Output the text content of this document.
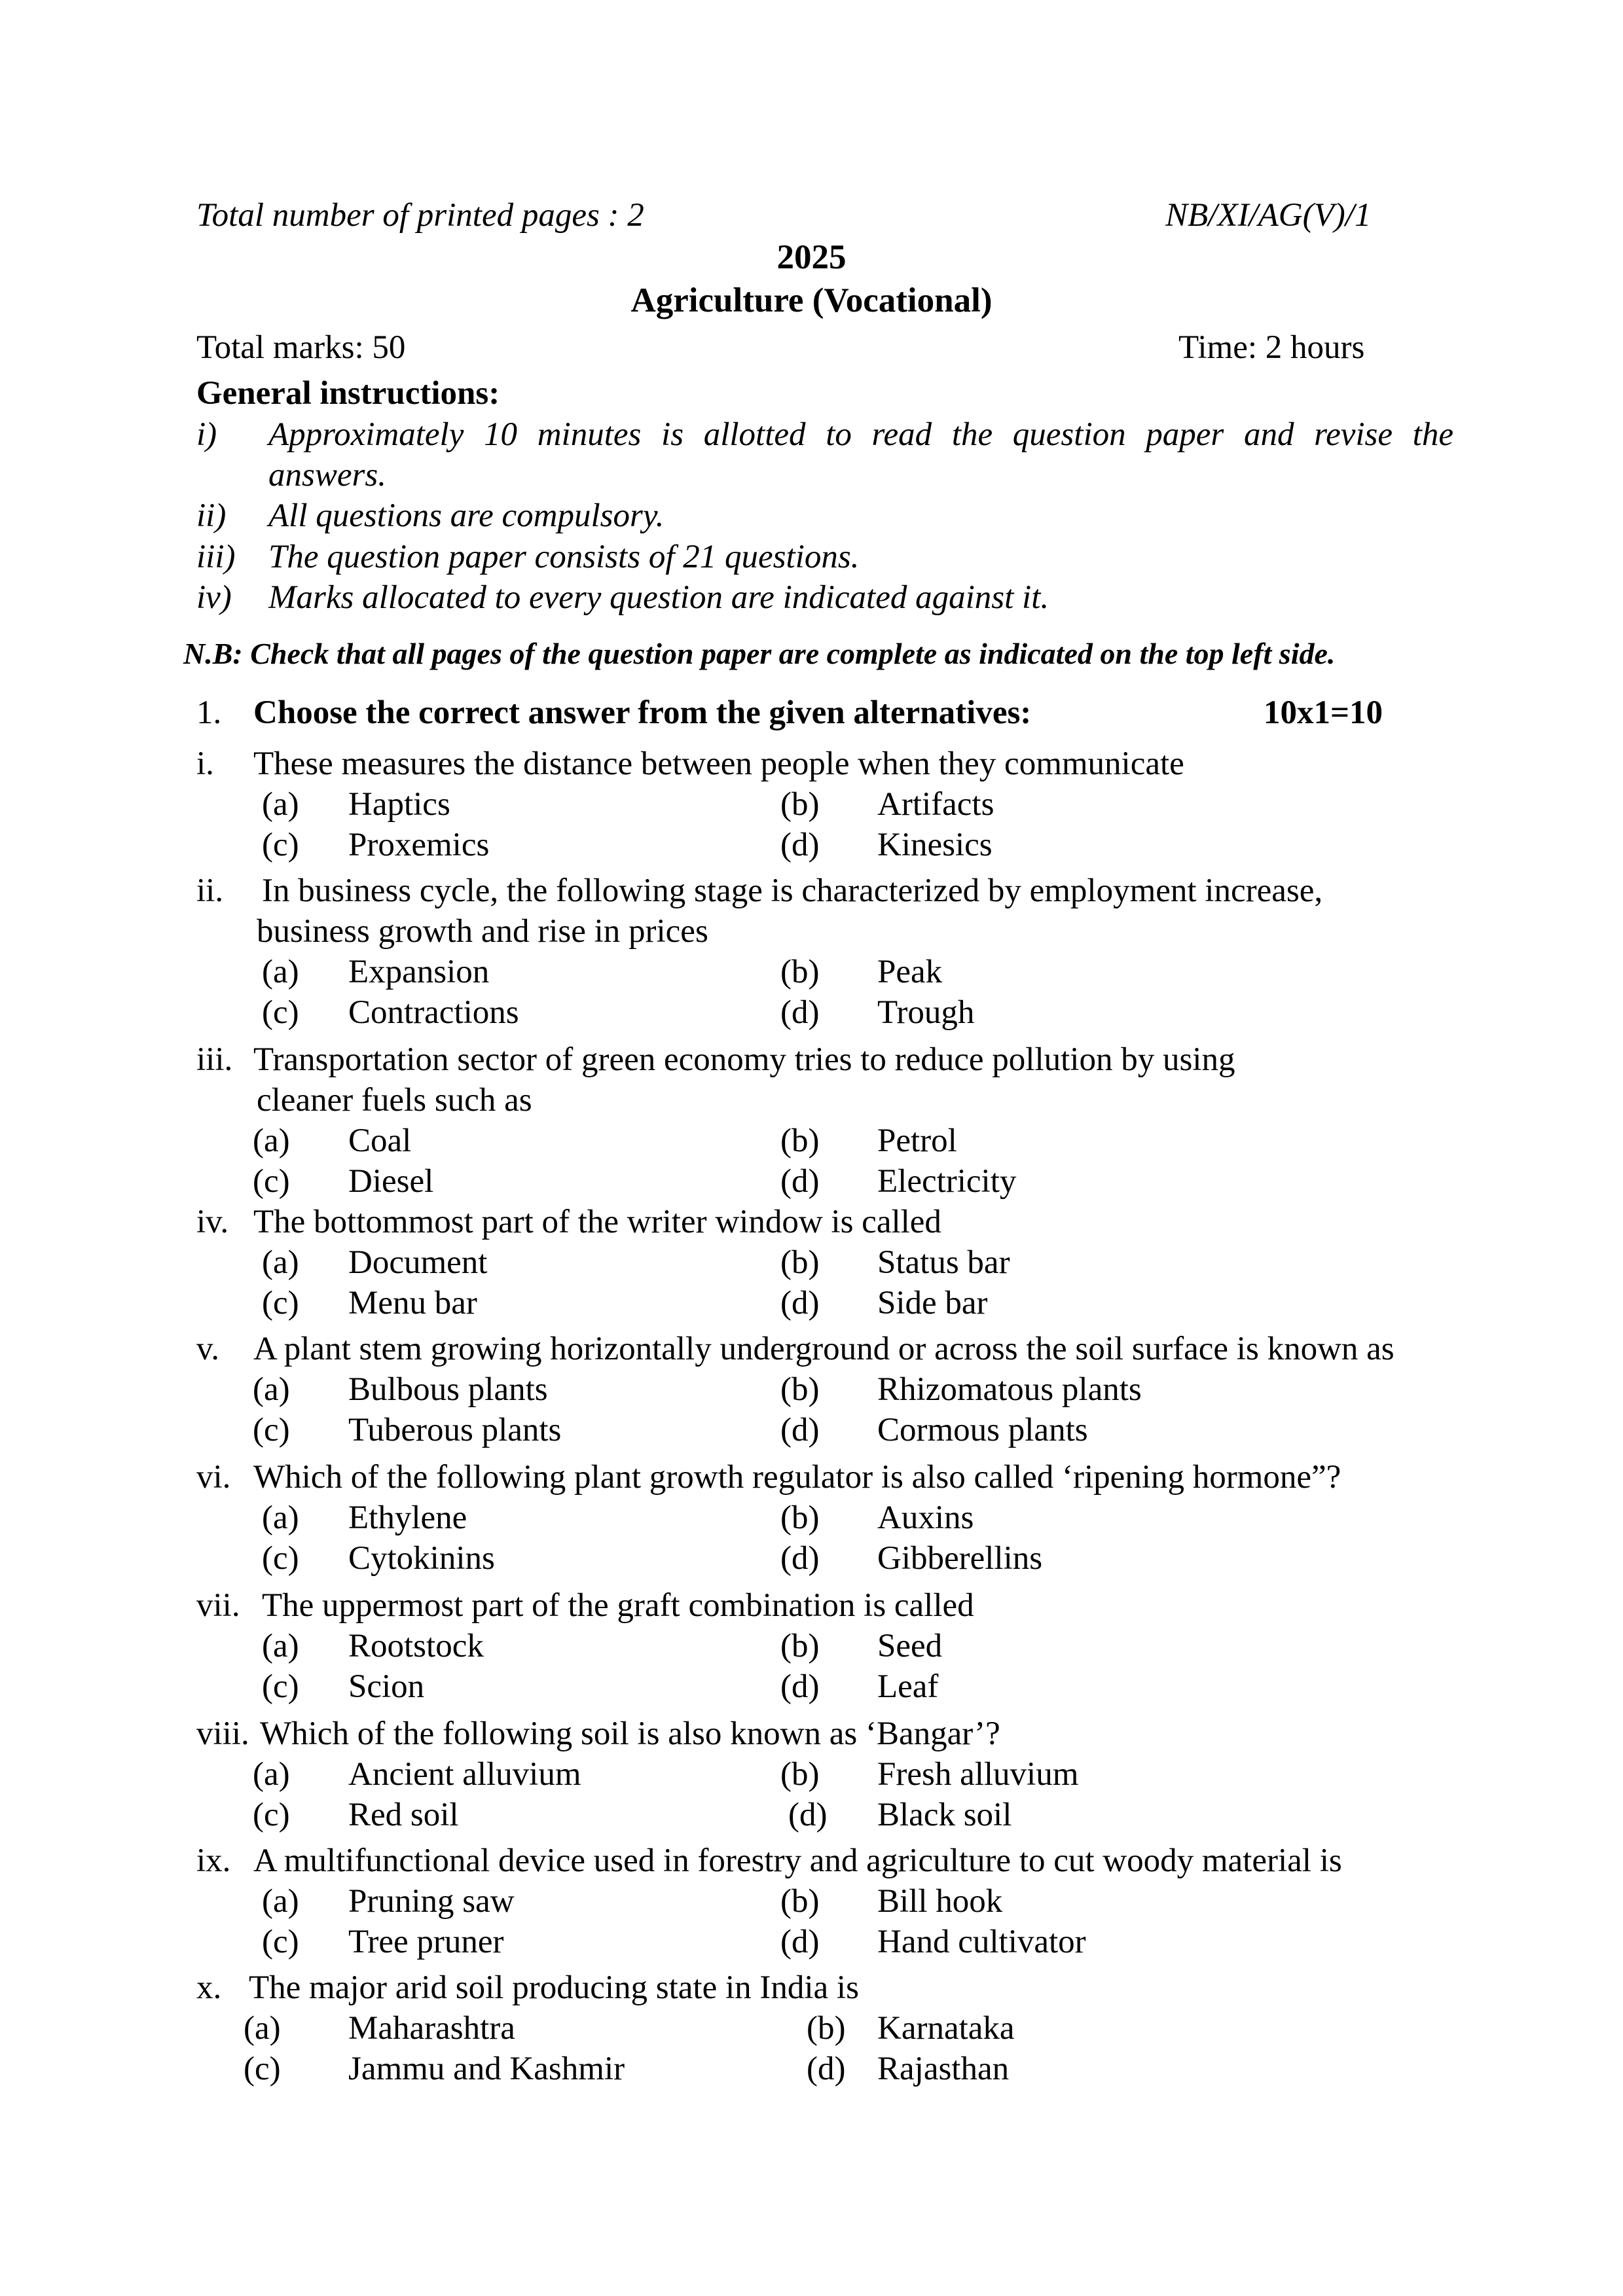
Total number of printed pages : 2	NB/XI/AG(V)/1
2025
Agriculture (Vocational)
Total marks: 50	Time: 2 hours
General instructions:
i) Approximately 10 minutes is allotted to read the question paper and revise the
answers.
ii) All questions are compulsory.
iii) The question paper consists of 21 questions.
iv) Marks allocated to every question are indicated against it.
N.B: Check that all pages of the question paper are complete as indicated on the top left side.
1. Choose the correct answer from the given alternatives:	10x1=10
i. These measures the distance between people when they communicate
(a) Haptics	(b) Artifacts
(c) Proxemics	(d) Kinesics
ii. In business cycle, the following stage is characterized by employment increase,
business growth and rise in prices
(a) Expansion	(b) Peak
(c) Contractions	(d) Trough
iii. Transportation sector of green economy tries to reduce pollution by using
cleaner fuels such as
(a) Coal	(b) Petrol
(c) Diesel	(d) Electricity
iv. The bottommost part of the writer window is called
(a) Document	(b) Status bar
(c) Menu bar	(d) Side bar
v. A plant stem growing horizontally underground or across the soil surface is known as
(a) Bulbous plants	(b) Rhizomatous plants
(c) Tuberous plants	(d) Cormous plants
vi. Which of the following plant growth regulator is also called ‘ripening hormone”?
(a) Ethylene	(b) Auxins
(c) Cytokinins	(d) Gibberellins
vii. The uppermost part of the graft combination is called
(a) Rootstock	(b) Seed
(c) Scion	(d) Leaf
viii. Which of the following soil is also known as ‘Bangar’?
(a) Ancient alluvium	(b) Fresh alluvium
(c) Red soil	(d) Black soil
ix. A multifunctional device used in forestry and agriculture to cut woody material is
(a) Pruning saw	(b) Bill hook
(c) Tree pruner	(d) Hand cultivator
x. The major arid soil producing state in India is
(a) Maharashtra	(b) Karnataka
(c) Jammu and Kashmir	(d) Rajasthan
